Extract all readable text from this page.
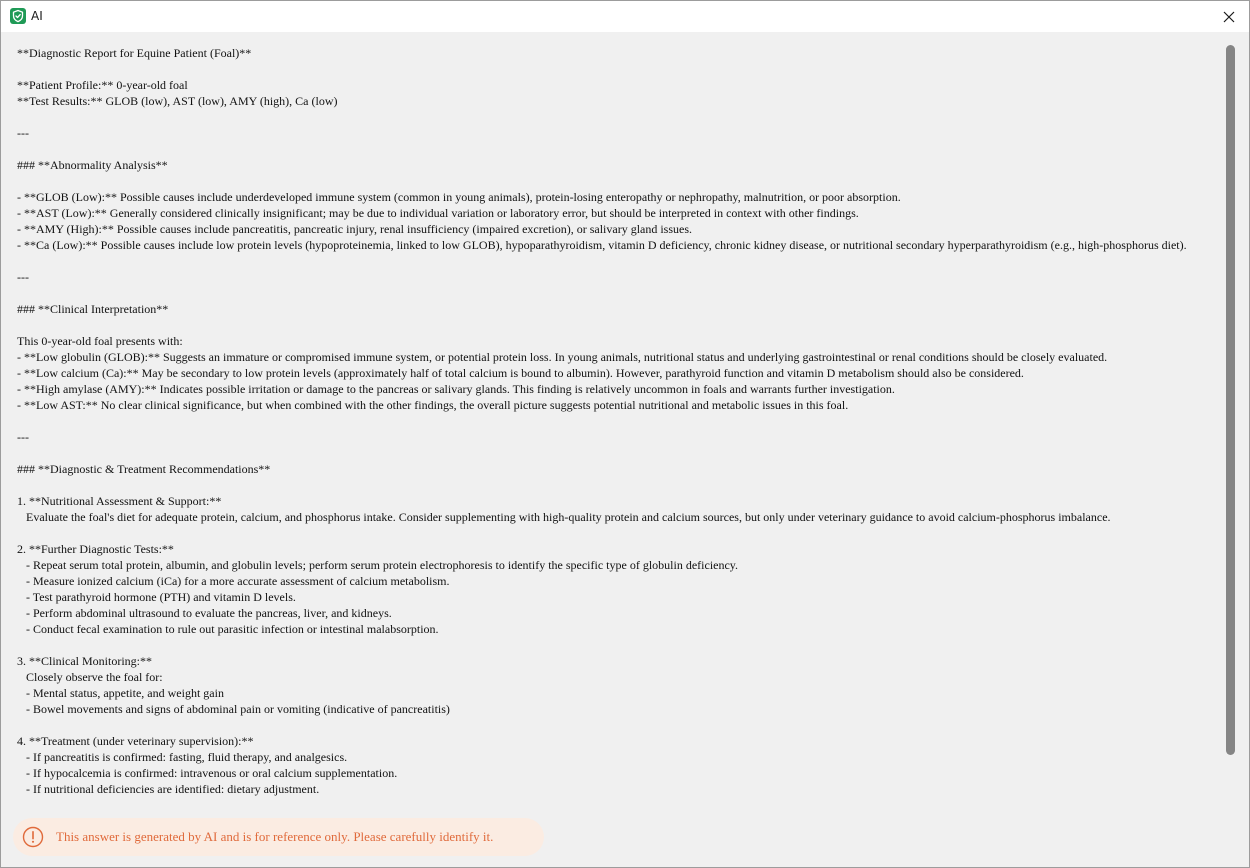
AI
**Diagnostic Report for Equine Patient (Foal)**

**Patient Profile:** 0-year-old foal
**Test Results:** GLOB (low), AST (low), AMY (high), Ca (low)

---

### **Abnormality Analysis**

- **GLOB (Low):** Possible causes include underdeveloped immune system (common in young animals), protein-losing enteropathy or nephropathy, malnutrition, or poor absorption.
- **AST (Low):** Generally considered clinically insignificant; may be due to individual variation or laboratory error, but should be interpreted in context with other findings.
- **AMY (High):** Possible causes include pancreatitis, pancreatic injury, renal insufficiency (impaired excretion), or salivary gland issues.
- **Ca (Low):** Possible causes include low protein levels (hypoproteinemia, linked to low GLOB), hypoparathyroidism, vitamin D deficiency, chronic kidney disease, or nutritional secondary hyperparathyroidism (e.g., high-phosphorus diet).

---

### **Clinical Interpretation**

This 0-year-old foal presents with:
- **Low globulin (GLOB):** Suggests an immature or compromised immune system, or potential protein loss. In young animals, nutritional status and underlying gastrointestinal or renal conditions should be closely evaluated.
- **Low calcium (Ca):** May be secondary to low protein levels (approximately half of total calcium is bound to albumin). However, parathyroid function and vitamin D metabolism should also be considered.
- **High amylase (AMY):** Indicates possible irritation or damage to the pancreas or salivary glands. This finding is relatively uncommon in foals and warrants further investigation.
- **Low AST:** No clear clinical significance, but when combined with the other findings, the overall picture suggests potential nutritional and metabolic issues in this foal.

---

### **Diagnostic & Treatment Recommendations**

1. **Nutritional Assessment & Support:**
Evaluate the foal's diet for adequate protein, calcium, and phosphorus intake. Consider supplementing with high-quality protein and calcium sources, but only under veterinary guidance to avoid calcium-phosphorus imbalance.

2. **Further Diagnostic Tests:**
- Repeat serum total protein, albumin, and globulin levels; perform serum protein electrophoresis to identify the specific type of globulin deficiency.
- Measure ionized calcium (iCa) for a more accurate assessment of calcium metabolism.
- Test parathyroid hormone (PTH) and vitamin D levels.
- Perform abdominal ultrasound to evaluate the pancreas, liver, and kidneys.
- Conduct fecal examination to rule out parasitic infection or intestinal malabsorption.

3. **Clinical Monitoring:**
Closely observe the foal for:
- Mental status, appetite, and weight gain
- Bowel movements and signs of abdominal pain or vomiting (indicative of pancreatitis)

4. **Treatment (under veterinary supervision):**
- If pancreatitis is confirmed: fasting, fluid therapy, and analgesics.
- If hypocalcemia is confirmed: intravenous or oral calcium supplementation.
- If nutritional deficiencies are identified: dietary adjustment.
This answer is generated by AI and is for reference only. Please carefully identify it.
